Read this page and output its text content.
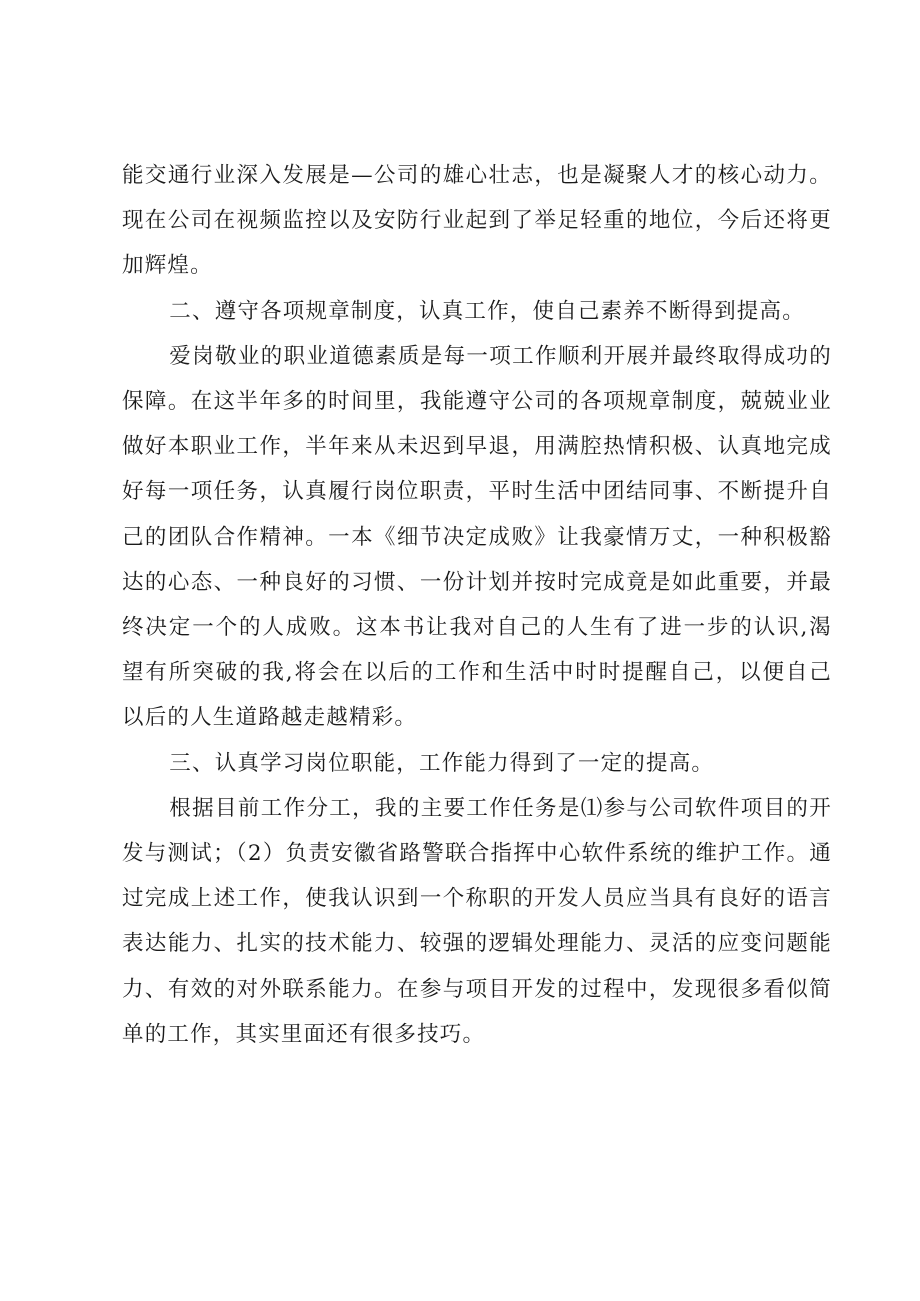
能交通行业深入发展是—公司的雄心壮志，也是凝聚人才的核心动力。现在公司在视频监控以及安防行业起到了举足轻重的地位，今后还将更加辉煌。

二、遵守各项规章制度，认真工作，使自己素养不断得到提高。

爱岗敬业的职业道德素质是每一项工作顺利开展并最终取得成功的保障。在这半年多的时间里，我能遵守公司的各项规章制度，兢兢业业做好本职业工作，半年来从未迟到早退，用满腔热情积极、认真地完成好每一项任务，认真履行岗位职责，平时生活中团结同事、不断提升自己的团队合作精神。一本《细节决定成败》让我豪情万丈，一种积极豁达的心态、一种良好的习惯、一份计划并按时完成竟是如此重要，并最终决定一个的人成败。这本书让我对自己的人生有了进一步的认识,渴望有所突破的我,将会在以后的工作和生活中时时提醒自己，以便自己以后的人生道路越走越精彩。

三、认真学习岗位职能，工作能力得到了一定的提高。

根据目前工作分工，我的主要工作任务是⑴参与公司软件项目的开发与测试；（2）负责安徽省路警联合指挥中心软件系统的维护工作。通过完成上述工作，使我认识到一个称职的开发人员应当具有良好的语言表达能力、扎实的技术能力、较强的逻辑处理能力、灵活的应变问题能力、有效的对外联系能力。在参与项目开发的过程中，发现很多看似简单的工作，其实里面还有很多技巧。
